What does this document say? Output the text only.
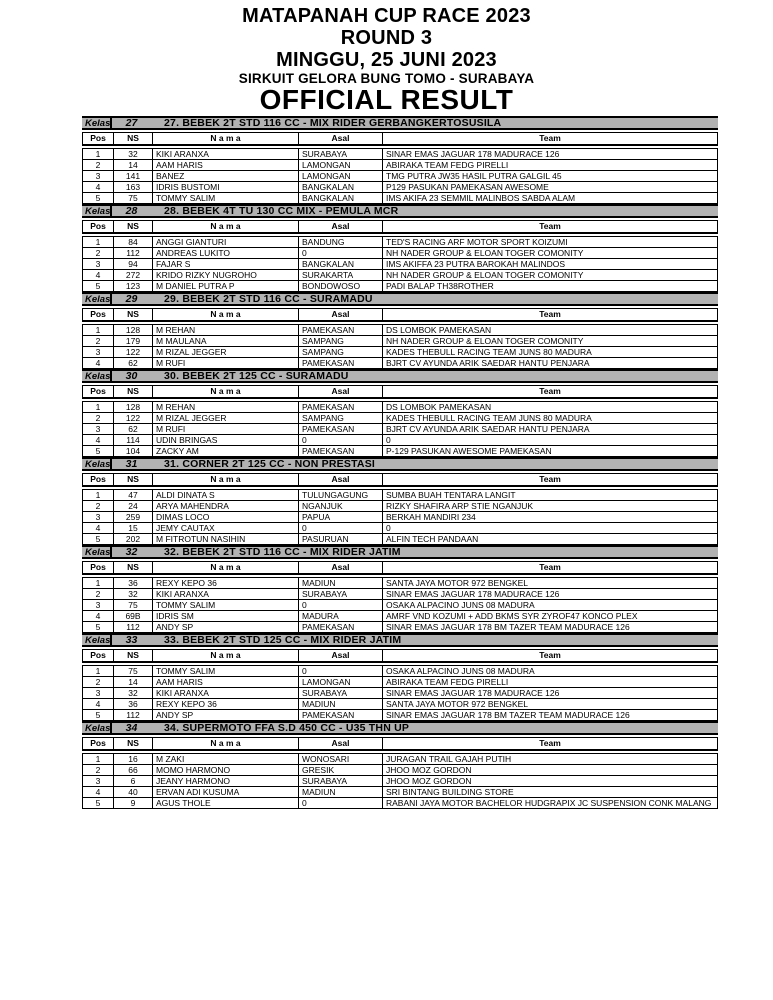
MATAPANAH CUP RACE 2023
ROUND 3
MINGGU, 25 JUNI 2023
SIRKUIT GELORA BUNG TOMO - SURABAYA
OFFICIAL RESULT
Kelas	27	27. BEBEK 2T STD 116 CC - MIX RIDER GERBANGKERTOSUSILA
Pos	NS	N a m a	Asal	Team
1	32	KIKI ARANXA	SURABAYA	SINAR EMAS JAGUAR 178 MADURACE 126
2	14	AAM HARIS	LAMONGAN	ABIRAKA TEAM FEDG PIRELLI
3	141	BANEZ	LAMONGAN	TMG PUTRA JW35 HASIL PUTRA GALGIL 45
4	163	IDRIS BUSTOMI	BANGKALAN	P129 PASUKAN PAMEKASAN AWESOME
5	75	TOMMY SALIM	BANGKALAN	IMS AKIFA 23 SEMMIL MALINBOS SABDA ALAM
Kelas	28	28. BEBEK 4T TU 130 CC MIX - PEMULA MCR
Pos	NS	N a m a	Asal	Team
1	84	ANGGI GIANTURI	BANDUNG	TED'S RACING ARF MOTOR SPORT KOIZUMI
2	112	ANDREAS LUKITO	0	NH NADER GROUP & ELOAN TOGER COMONITY
3	94	FAJAR S	BANGKALAN	IMS AKIFFA 23 PUTRA BAROKAH MALINDOS
4	272	KRIDO RIZKY NUGROHO	SURAKARTA	NH NADER GROUP & ELOAN TOGER COMONITY
5	123	M DANIEL PUTRA P	BONDOWOSO	PADI BALAP TH38ROTHER
Kelas	29	29. BEBEK 2T STD 116 CC - SURAMADU
Pos	NS	N a m a	Asal	Team
1	128	M REHAN	PAMEKASAN	DS LOMBOK PAMEKASAN
2	179	M MAULANA	SAMPANG	NH NADER GROUP & ELOAN TOGER COMONITY
3	122	M RIZAL JEGGER	SAMPANG	KADES THEBULL RACING TEAM JUNS 80 MADURA
4	62	M RUFI	PAMEKASAN	BJRT CV AYUNDA ARIK SAEDAR HANTU PENJARA
Kelas	30	30. BEBEK 2T 125 CC - SURAMADU
Pos	NS	N a m a	Asal	Team
1	128	M REHAN	PAMEKASAN	DS LOMBOK PAMEKASAN
2	122	M RIZAL JEGGER	SAMPANG	KADES THEBULL RACING TEAM JUNS 80 MADURA
3	62	M RUFI	PAMEKASAN	BJRT CV AYUNDA ARIK SAEDAR HANTU PENJARA
4	114	UDIN BRINGAS	0	0
5	104	ZACKY AM	PAMEKASAN	P-129 PASUKAN AWESOME PAMEKASAN
Kelas	31	31. CORNER 2T 125 CC - NON PRESTASI
Pos	NS	N a m a	Asal	Team
1	47	ALDI DINATA S	TULUNGAGUNG	SUMBA BUAH TENTARA LANGIT
2	24	ARYA MAHENDRA	NGANJUK	RIZKY SHAFIRA ARP STIE NGANJUK
3	259	DIMAS LOCO	PAPUA	BERKAH MANDIRI 234
4	15	JEMY CAUTAX	0	0
5	202	M FITROTUN NASIHIN	PASURUAN	ALFIN TECH PANDAAN
Kelas	32	32. BEBEK 2T STD 116 CC - MIX RIDER JATIM
Pos	NS	N a m a	Asal	Team
1	36	REXY KEPO 36	MADIUN	SANTA JAYA MOTOR 972 BENGKEL
2	32	KIKI ARANXA	SURABAYA	SINAR EMAS JAGUAR 178 MADURACE 126
3	75	TOMMY SALIM	0	OSAKA ALPACINO JUNS 08 MADURA
4	69B	IDRIS SM	MADURA	AMRF VND KOZUMI + ADD BKMS SYR ZYROF47 KONCO PLEX
5	112	ANDY SP	PAMEKASAN	SINAR EMAS JAGUAR 178 BM TAZER TEAM MADURACE 126
Kelas	33	33. BEBEK 2T STD 125 CC - MIX RIDER JATIM
Pos	NS	N a m a	Asal	Team
1	75	TOMMY SALIM	0	OSAKA ALPACINO JUNS 08 MADURA
2	14	AAM HARIS	LAMONGAN	ABIRAKA TEAM FEDG PIRELLI
3	32	KIKI ARANXA	SURABAYA	SINAR EMAS JAGUAR 178 MADURACE 126
4	36	REXY KEPO 36	MADIUN	SANTA JAYA MOTOR 972 BENGKEL
5	112	ANDY SP	PAMEKASAN	SINAR EMAS JAGUAR 178 BM TAZER TEAM MADURACE 126
Kelas	34	34. SUPERMOTO FFA S.D 450 CC - U35 THN UP
Pos	NS	N a m a	Asal	Team
1	16	M ZAKI	WONOSARI	JURAGAN TRAIL GAJAH PUTIH
2	66	MOMO HARMONO	GRESIK	JHOO MOZ GORDON
3	6	JEANY HARMONO	SURABAYA	JHOO MOZ GORDON
4	40	ERVAN ADI KUSUMA	MADIUN	SRI BINTANG BUILDING STORE
5	9	AGUS THOLE	0	RABANI JAYA MOTOR BACHELOR HUDGRAPIX JC SUSPENSION CONK MALANG
